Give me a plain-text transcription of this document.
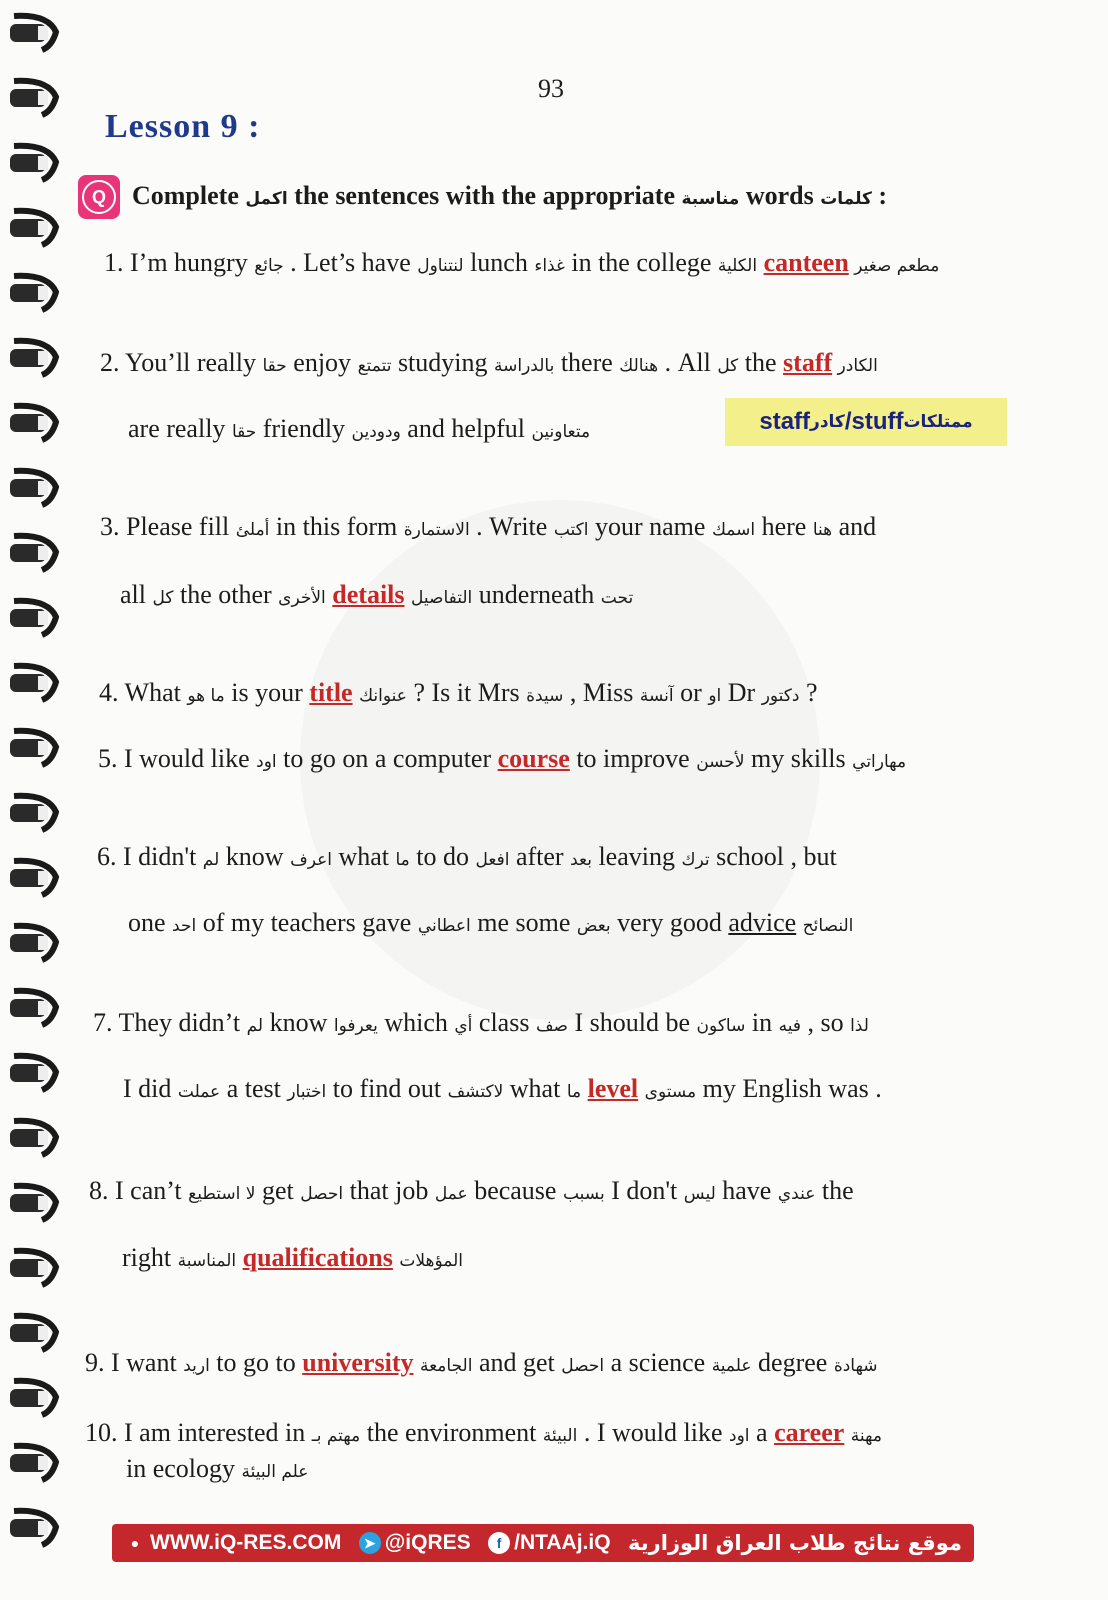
93
Lesson 9 :
Q	Complete اكمل the sentences with the appropriate مناسبة words كلمات :
1. I’m hungry جائع . Let’s have لنتناول lunch غذاء in the college الكلية canteen مطعم صغير
2. You’ll really حقا enjoy تتمتع studying بالدراسة there هنالك . All كل the staff الكادر
are really حقا friendly ودودين and helpful متعاونين	staff كادر / stuff ممتلكات
3. Please fill أملئ in this form الاستمارة . Write اكتب your name اسمك here هنا and
all كل the other الأخرى details التفاصيل underneath تحت
4. What ما هو is your title عنوانك ? Is it Mrs سيدة , Miss آنسة or او Dr دكتور ?
5. I would like اود to go on a computer course to improve لأحسن my skills مهاراتي
6. I didn't لم know اعرف what ما to do افعل after بعد leaving ترك school , but
one احد of my teachers gave اعطاني me some بعض very good advice النصائح
7. They didn’t لم know يعرفوا which أي class صف I should be ساكون in فيه , so لذا
I did عملت a test اختبار to find out لاكتشف what ما level مستوى my English was .
8. I can’t لا استطيع get احصل that job عمل because بسبب I don't ليس have عندي the
right المناسبة qualifications المؤهلات
9. I want اريد to go to university الجامعة and get احصل a science علمية degree شهادة
10. I am interested in مهتم بـ the environment البيئة . I would like اود a career مهنة
in ecology علم البيئة
● WWW.iQ-RES.COM	➤ @iQRES	f /NTAAj.iQ موقع نتائج طلاب العراق الوزارية
